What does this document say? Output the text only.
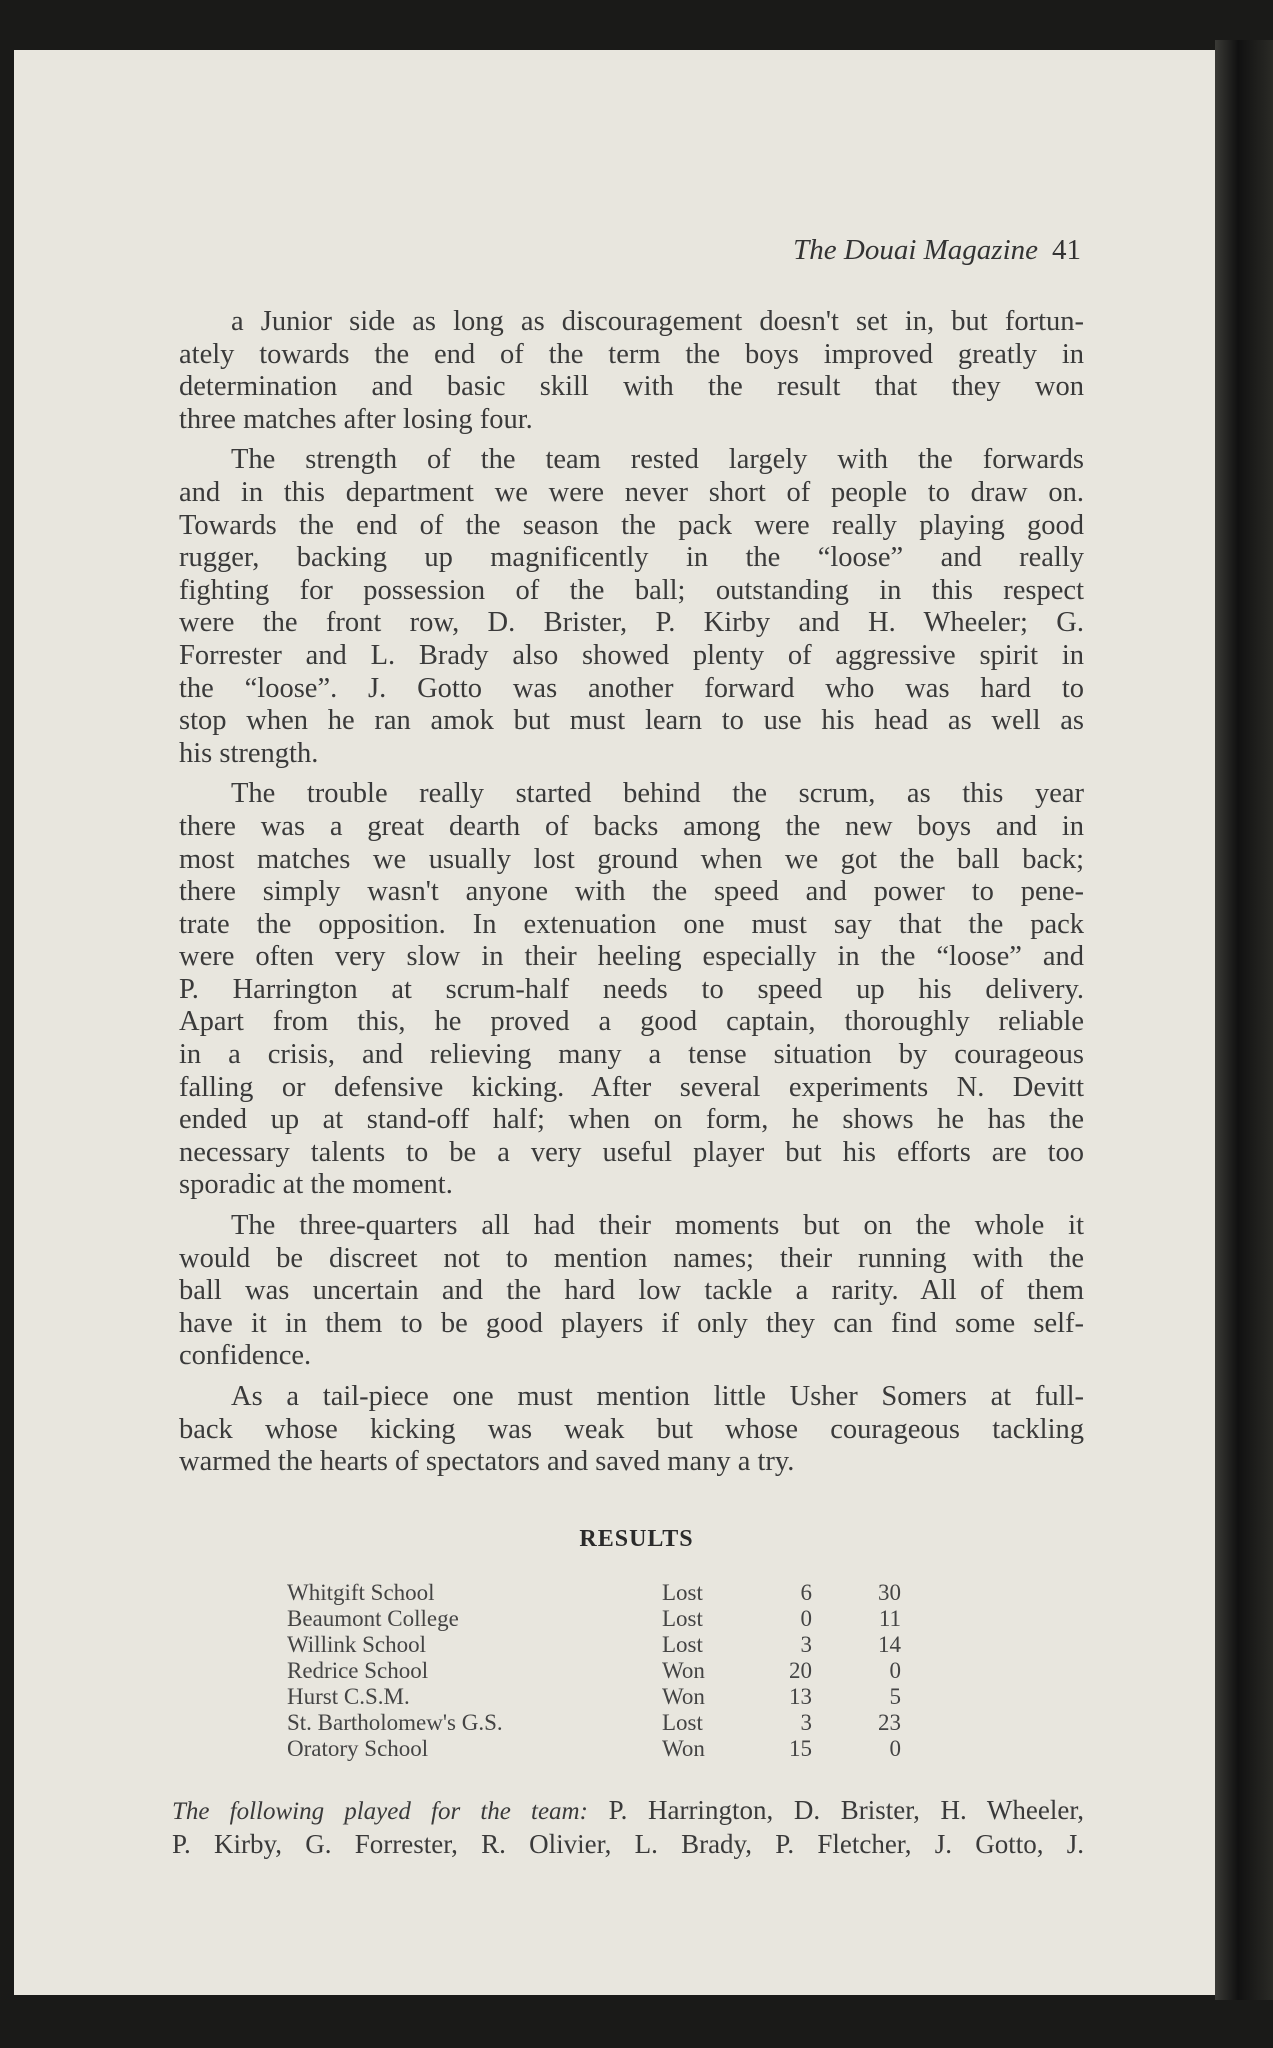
The Douai Magazine 41
a Junior side as long as discouragement doesn't set in, but fortun-
ately towards the end of the term the boys improved greatly in
determination and basic skill with the result that they won
three matches after losing four.
The strength of the team rested largely with the forwards
and in this department we were never short of people to draw on.
Towards the end of the season the pack were really playing good
rugger, backing up magnificently in the “loose” and really
fighting for possession of the ball; outstanding in this respect
were the front row, D. Brister, P. Kirby and H. Wheeler; G.
Forrester and L. Brady also showed plenty of aggressive spirit in
the “loose”. J. Gotto was another forward who was hard to
stop when he ran amok but must learn to use his head as well as
his strength.
The trouble really started behind the scrum, as this year
there was a great dearth of backs among the new boys and in
most matches we usually lost ground when we got the ball back;
there simply wasn't anyone with the speed and power to pene-
trate the opposition. In extenuation one must say that the pack
were often very slow in their heeling especially in the “loose” and
P. Harrington at scrum-half needs to speed up his delivery.
Apart from this, he proved a good captain, thoroughly reliable
in a crisis, and relieving many a tense situation by courageous
falling or defensive kicking. After several experiments N. Devitt
ended up at stand-off half; when on form, he shows he has the
necessary talents to be a very useful player but his efforts are too
sporadic at the moment.
The three-quarters all had their moments but on the whole it
would be discreet not to mention names; their running with the
ball was uncertain and the hard low tackle a rarity. All of them
have it in them to be good players if only they can find some self-
confidence.
As a tail-piece one must mention little Usher Somers at full-
back whose kicking was weak but whose courageous tackling
warmed the hearts of spectators and saved many a try.
RESULTS
Whitgift School	Lost	6	30
Beaumont College	Lost	0	11
Willink School	Lost	3	14
Redrice School	Won	20	0
Hurst C.S.M.	Won	13	5
St. Bartholomew's G.S.	Lost	3	23
Oratory School	Won	15	0
The following played for the team: P. Harrington, D. Brister, H. Wheeler,
P. Kirby, G. Forrester, R. Olivier, L. Brady, P. Fletcher, J. Gotto, J.
